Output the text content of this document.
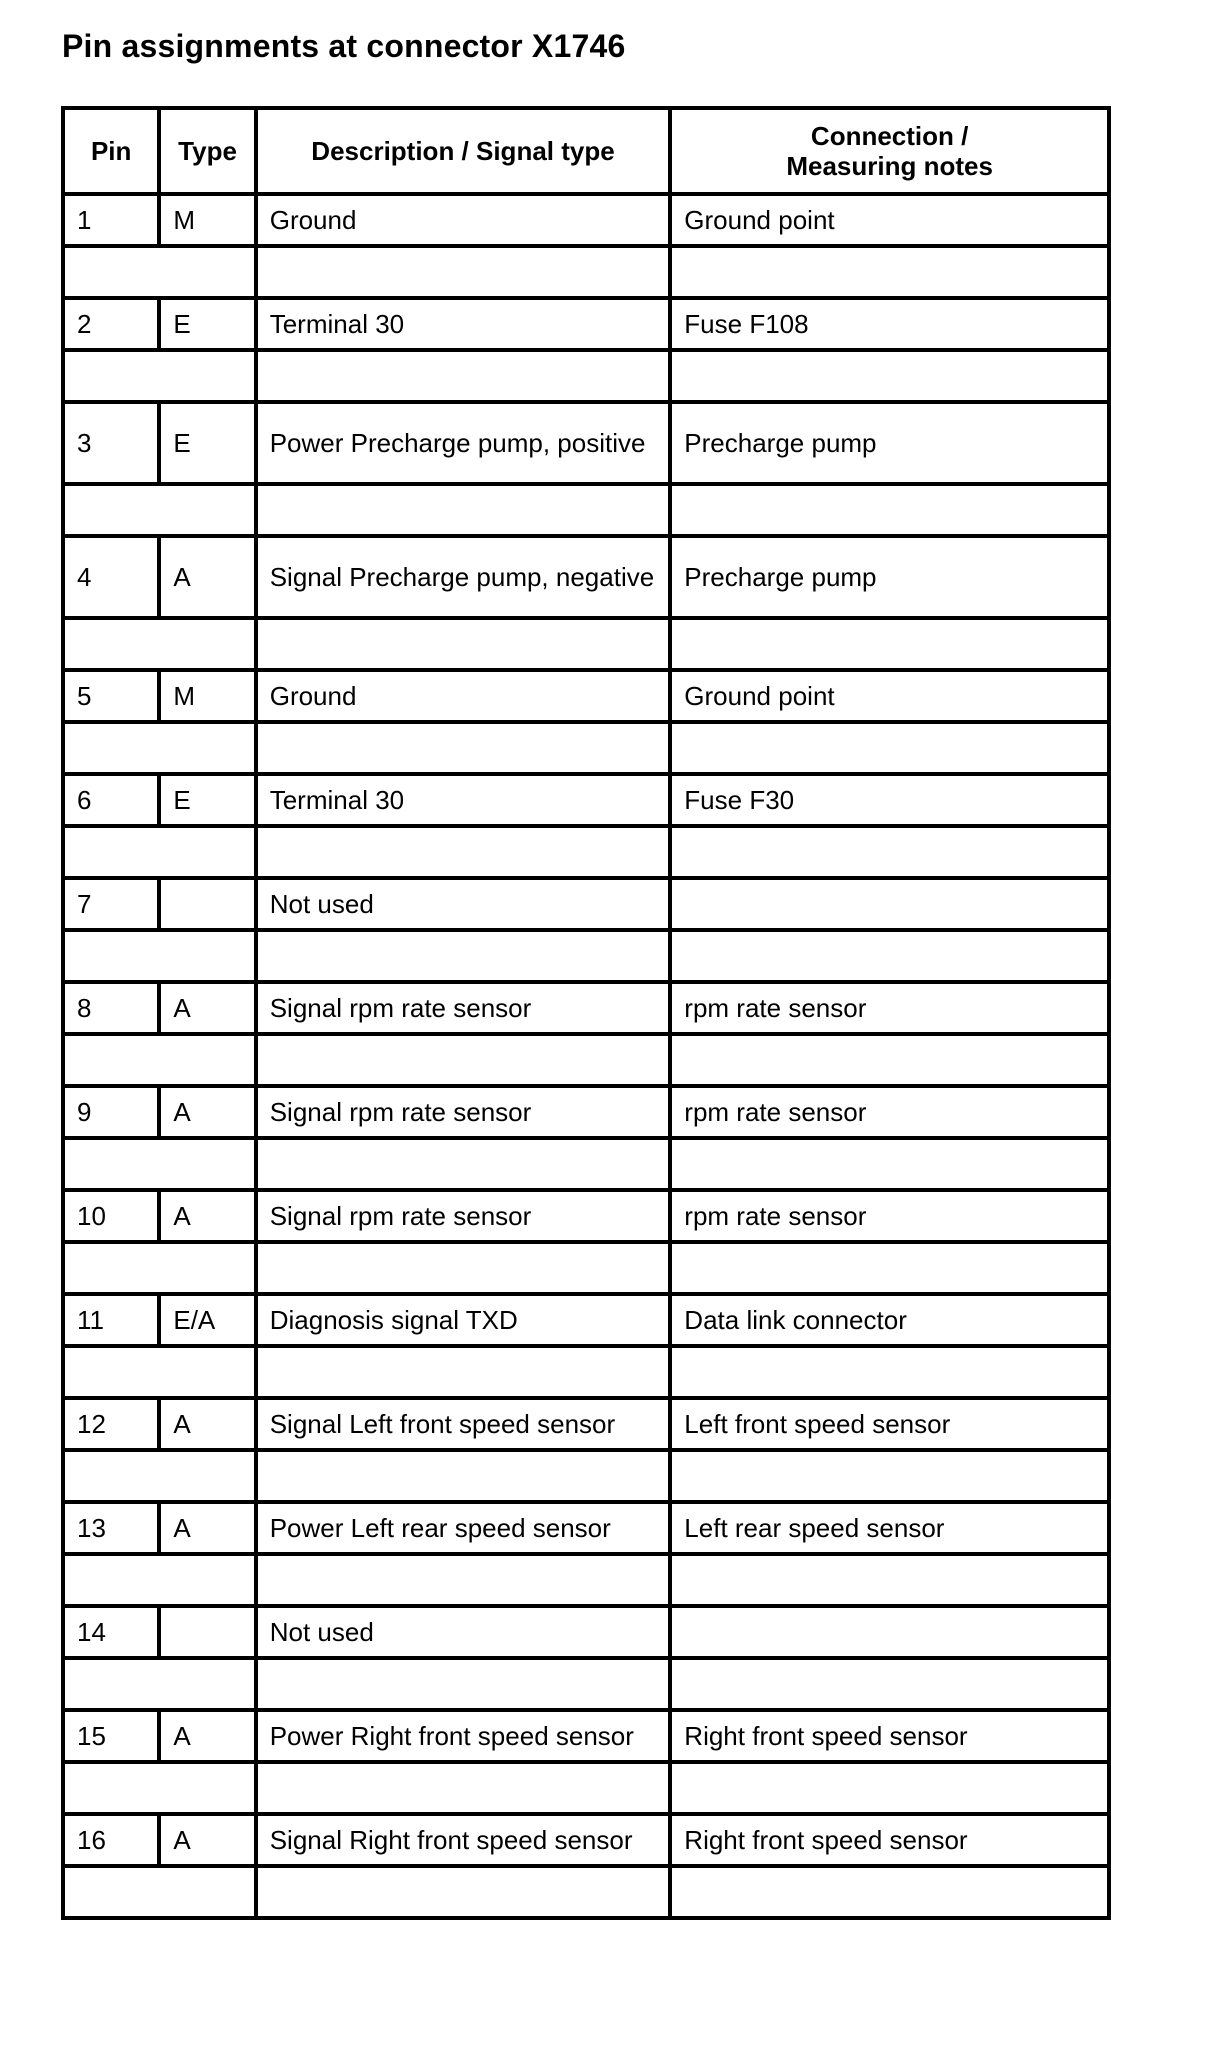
Pin assignments at connector X1746
Pin	Type	Description / Signal type	Connection /
Measuring notes
1	M	Ground	Ground point

2	E	Terminal 30	Fuse F108

3	E	Power Precharge pump, positive	Precharge pump

4	A	Signal Precharge pump, negative	Precharge pump

5	M	Ground	Ground point

6	E	Terminal 30	Fuse F30

7		Not used	

8	A	Signal rpm rate sensor	rpm rate sensor

9	A	Signal rpm rate sensor	rpm rate sensor

10	A	Signal rpm rate sensor	rpm rate sensor

11	E/A	Diagnosis signal TXD	Data link connector

12	A	Signal Left front speed sensor	Left front speed sensor

13	A	Power Left rear speed sensor	Left rear speed sensor

14		Not used	

15	A	Power Right front speed sensor	Right front speed sensor

16	A	Signal Right front speed sensor	Right front speed sensor
